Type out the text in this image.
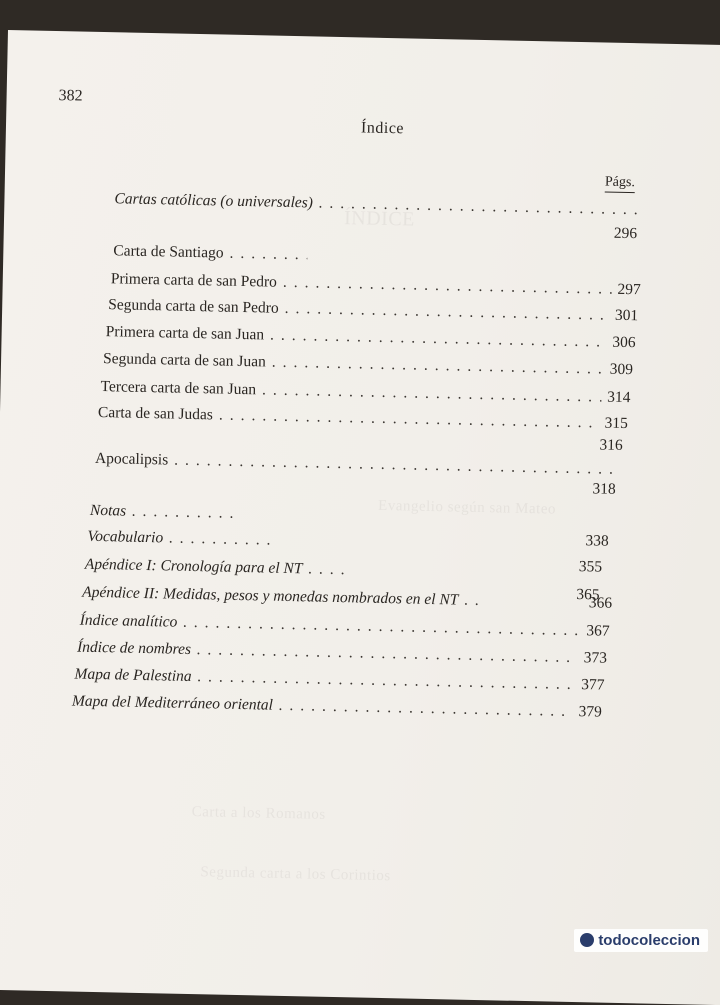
ÍNDICE
Evangelio según san Mateo
Carta a los Romanos
Segunda carta a los Corintios
382
Índice
Págs.
Cartas católicas (o universales) ................................................................
296
Carta de Santiago ..........
Primera carta de san Pedro ................................................
297
Segunda carta de san Pedro ................................................
301
Primera carta de san Juan ................................................
306
Segunda carta de san Juan ................................................
309
Tercera carta de san Juan ................................................
314
Carta de san Judas ................................................
315
316
Apocalipsis ................................................
318
Notas ..........
338
Vocabulario ..........
355
Apéndice I: Cronología para el NT ....
365
Apéndice II: Medidas, pesos y monedas nombrados en el NT ..	366
Índice analítico ................................................
367
Índice de nombres ................................................
373
Mapa de Palestina ................................................
377
Mapa del Mediterráneo oriental ................................................
379
todocoleccion
